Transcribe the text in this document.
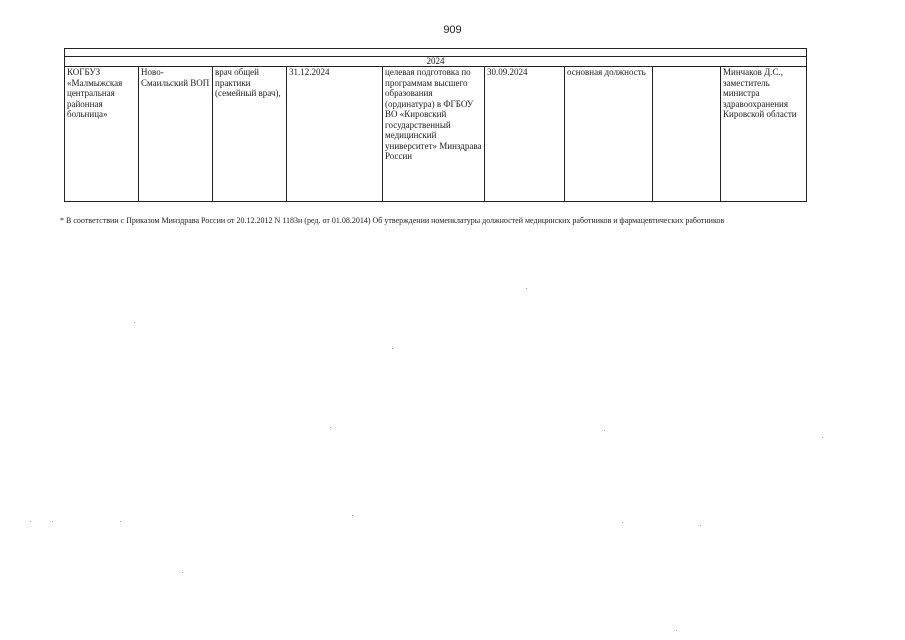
909

2024
КОГБУЗ «Малмыжская центральная районная больница»	Ново-Смаильский ВОП	врач общей практики (семейный врач),	31.12.2024	целевая подготовка по программам высшего образования (ординатура) в ФГБОУ ВО «Кировский государственный медицинский университет» Минздрава России	30.09.2024	основная должность		Минчаков Д.С., заместитель министра здравоохранения Кировской области
* В соответствии с Приказом Минздрава России от 20.12.2012 N 1183н (ред. от 01.08.2014) Об утверждении номенклатуры должностей медицинских работников и фармацевтических работников
